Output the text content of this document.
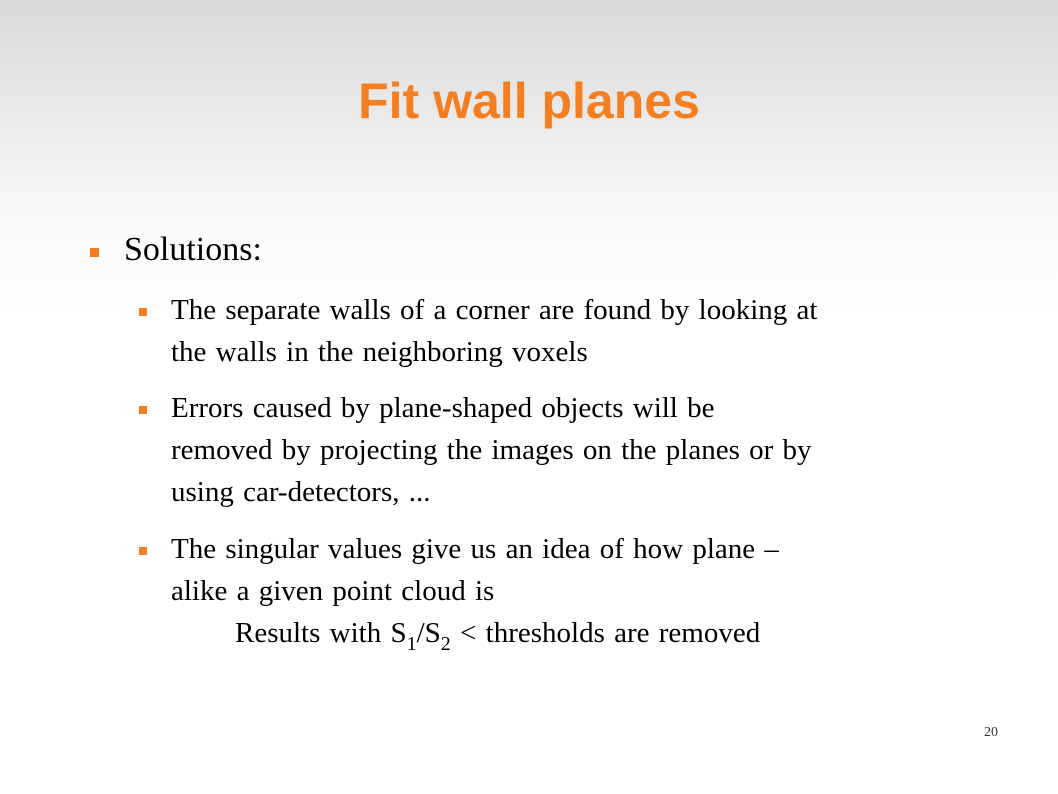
Fit wall planes
Solutions:
The separate walls of a corner are found by looking at
the walls in the neighboring voxels
Errors caused by plane-shaped objects will be
removed by projecting the images on the planes or by
using car-detectors, ...
The singular values give us an idea of how plane –
alike a given point cloud is
Results with $S_1/S_2$ < thresholds are removed
20
